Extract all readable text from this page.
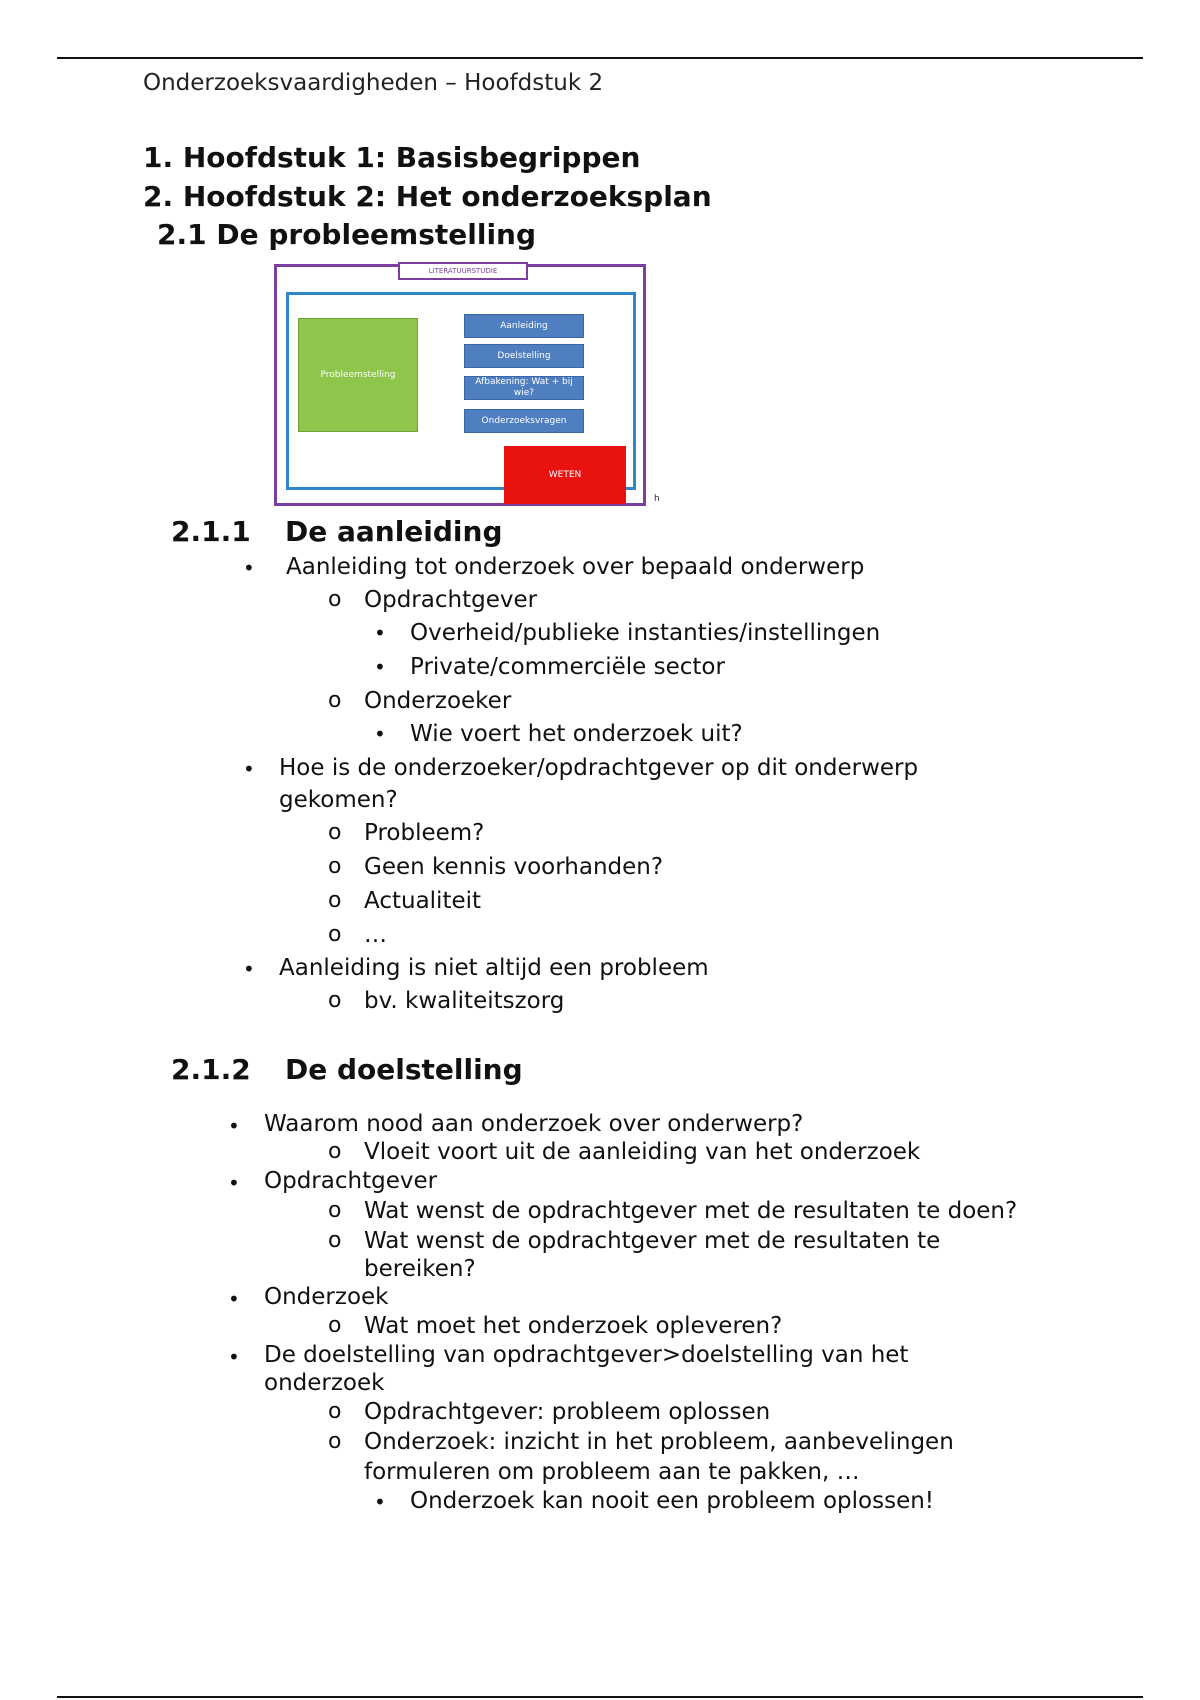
Onderzoeksvaardigheden – Hoofdstuk 2
1. Hoofdstuk 1: Basisbegrippen
2. Hoofdstuk 2: Het onderzoeksplan
2.1 De probleemstelling
LITERATUURSTUDIE
Probleemstelling
Aanleiding
Doelstelling
Afbakening: Wat + bij wie?
Onderzoeksvragen
WETEN
h
2.1.1 De aanleiding
• Aanleiding tot onderzoek over bepaald onderwerp
o Opdrachtgever
• Overheid/publieke instanties/instellingen
• Private/commerciële sector
o Onderzoeker
• Wie voert het onderzoek uit?
• Hoe is de onderzoeker/opdrachtgever op dit onderwerp
gekomen?
o Probleem?
o Geen kennis voorhanden?
o Actualiteit
o …
• Aanleiding is niet altijd een probleem
o bv. kwaliteitszorg
2.1.2 De doelstelling
• Waarom nood aan onderzoek over onderwerp?
o Vloeit voort uit de aanleiding van het onderzoek
• Opdrachtgever
o Wat wenst de opdrachtgever met de resultaten te doen?
o Wat wenst de opdrachtgever met de resultaten te
bereiken?
• Onderzoek
o Wat moet het onderzoek opleveren?
• De doelstelling van opdrachtgever>doelstelling van het
onderzoek
o Opdrachtgever: probleem oplossen
o Onderzoek: inzicht in het probleem, aanbevelingen
formuleren om probleem aan te pakken, …
• Onderzoek kan nooit een probleem oplossen!
